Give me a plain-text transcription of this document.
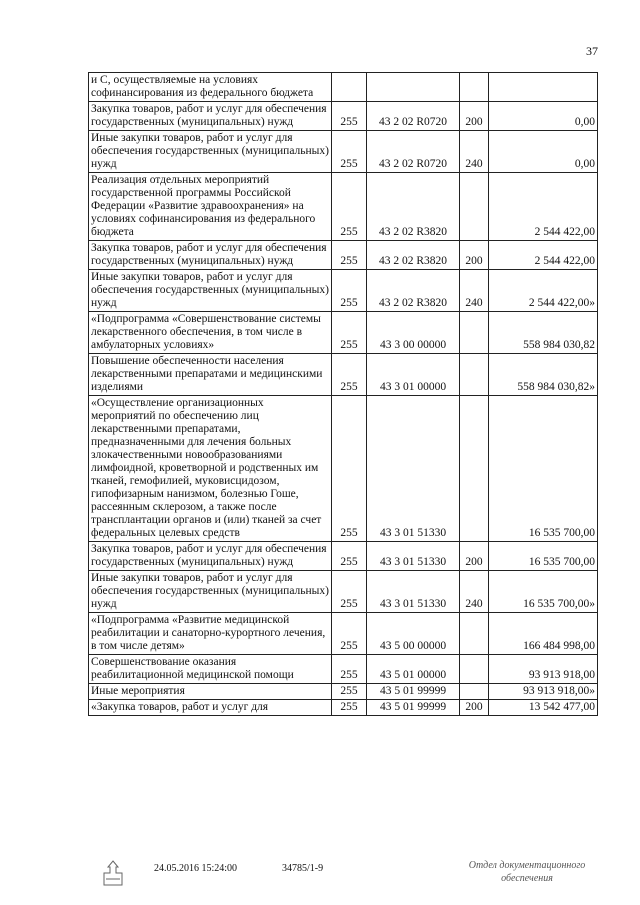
37
и С, осуществляемые на условиях софинансирования из федерального бюджета				
Закупка товаров, работ и услуг для обеспечения государственных (муниципальных) нужд	255	43 2 02 R0720	200	0,00
Иные закупки товаров, работ и услуг для обеспечения государственных (муниципальных) нужд	255	43 2 02 R0720	240	0,00
Реализация отдельных мероприятий государственной программы Российской Федерации «Развитие здравоохранения» на условиях софинансирования из федерального бюджета	255	43 2 02 R3820		2 544 422,00
Закупка товаров, работ и услуг для обеспечения государственных (муниципальных) нужд	255	43 2 02 R3820	200	2 544 422,00
Иные закупки товаров, работ и услуг для обеспечения государственных (муниципальных) нужд	255	43 2 02 R3820	240	2 544 422,00»
«Подпрограмма «Совершенствование системы лекарственного обеспечения, в том числе в амбулаторных условиях»	255	43 3 00 00000		558 984 030,82
Повышение обеспеченности населения лекарственными препаратами и медицинскими изделиями	255	43 3 01 00000		558 984 030,82»
«Осуществление организационных мероприятий по обеспечению лиц лекарственными препаратами, предназначенными для лечения больных злокачественными новообразованиями лимфоидной, кроветворной и родственных им тканей, гемофилией, муковисцидозом, гипофизарным нанизмом, болезнью Гоше, рассеянным склерозом, а также после трансплантации органов и (или) тканей за счет федеральных целевых средств	255	43 3 01 51330		16 535 700,00
Закупка товаров, работ и услуг для обеспечения государственных (муниципальных) нужд	255	43 3 01 51330	200	16 535 700,00
Иные закупки товаров, работ и услуг для обеспечения государственных (муниципальных) нужд	255	43 3 01 51330	240	16 535 700,00»
«Подпрограмма «Развитие медицинской реабилитации и санаторно-курортного лечения, в том числе детям»	255	43 5 00 00000		166 484 998,00
Совершенствование оказания реабилитационной медицинской помощи	255	43 5 01 00000		93 913 918,00
Иные мероприятия	255	43 5 01 99999		93 913 918,00»
«Закупка товаров, работ и услуг для	255	43 5 01 99999	200	13 542 477,00
24.05.2016 15:24:00	34785/1-9	Отдел документационного обеспечения
